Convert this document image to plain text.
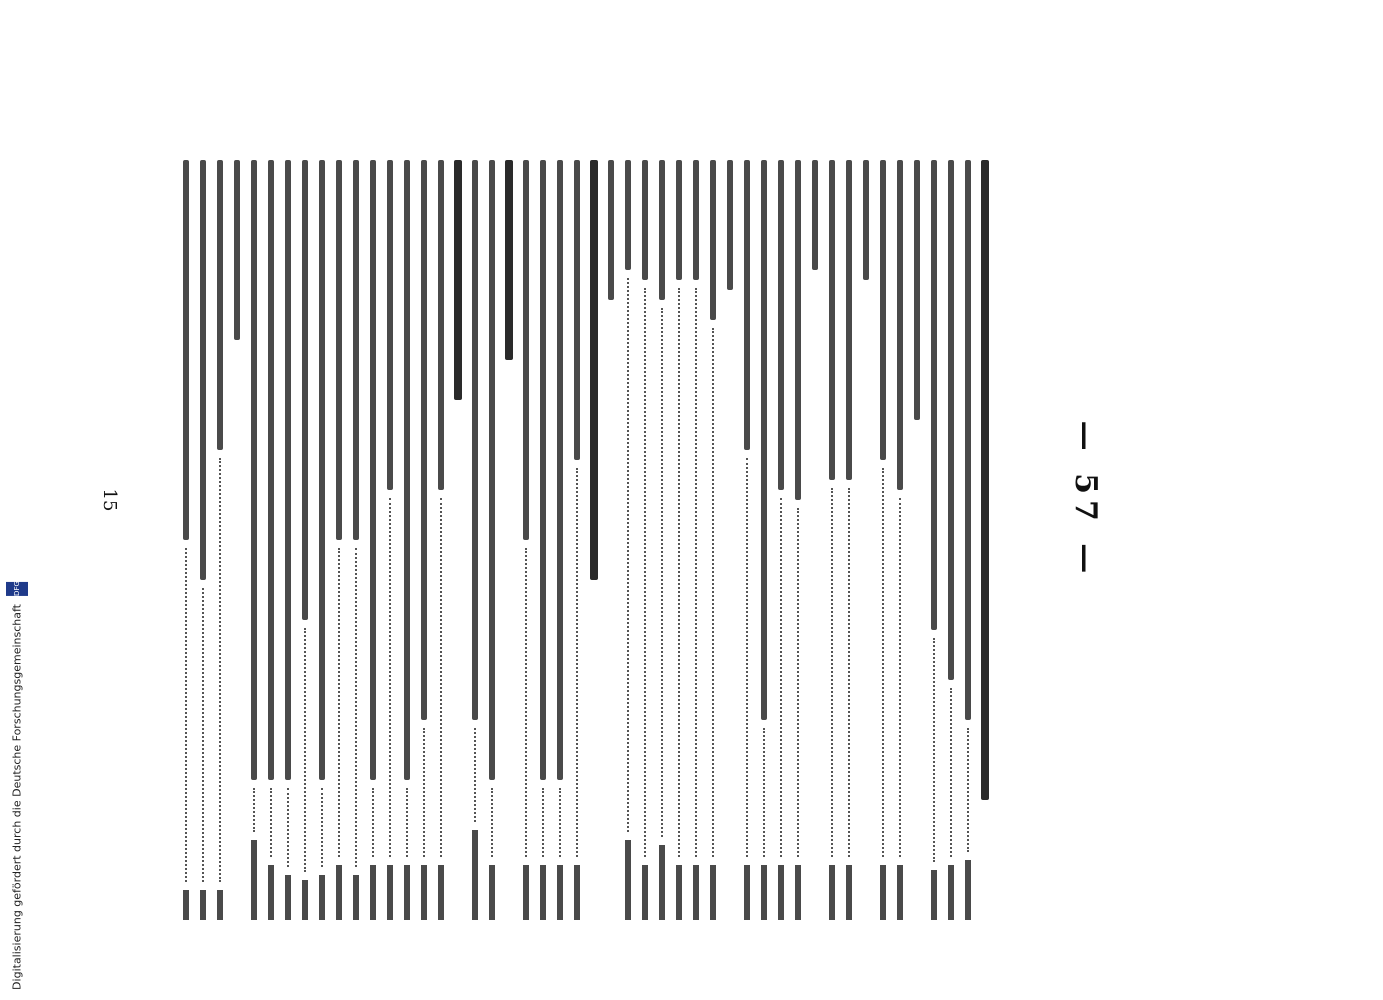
— 57 —
15
Digitalisierung gefördert durch die Deutsche Forschungsgemeinschaft
DFG
